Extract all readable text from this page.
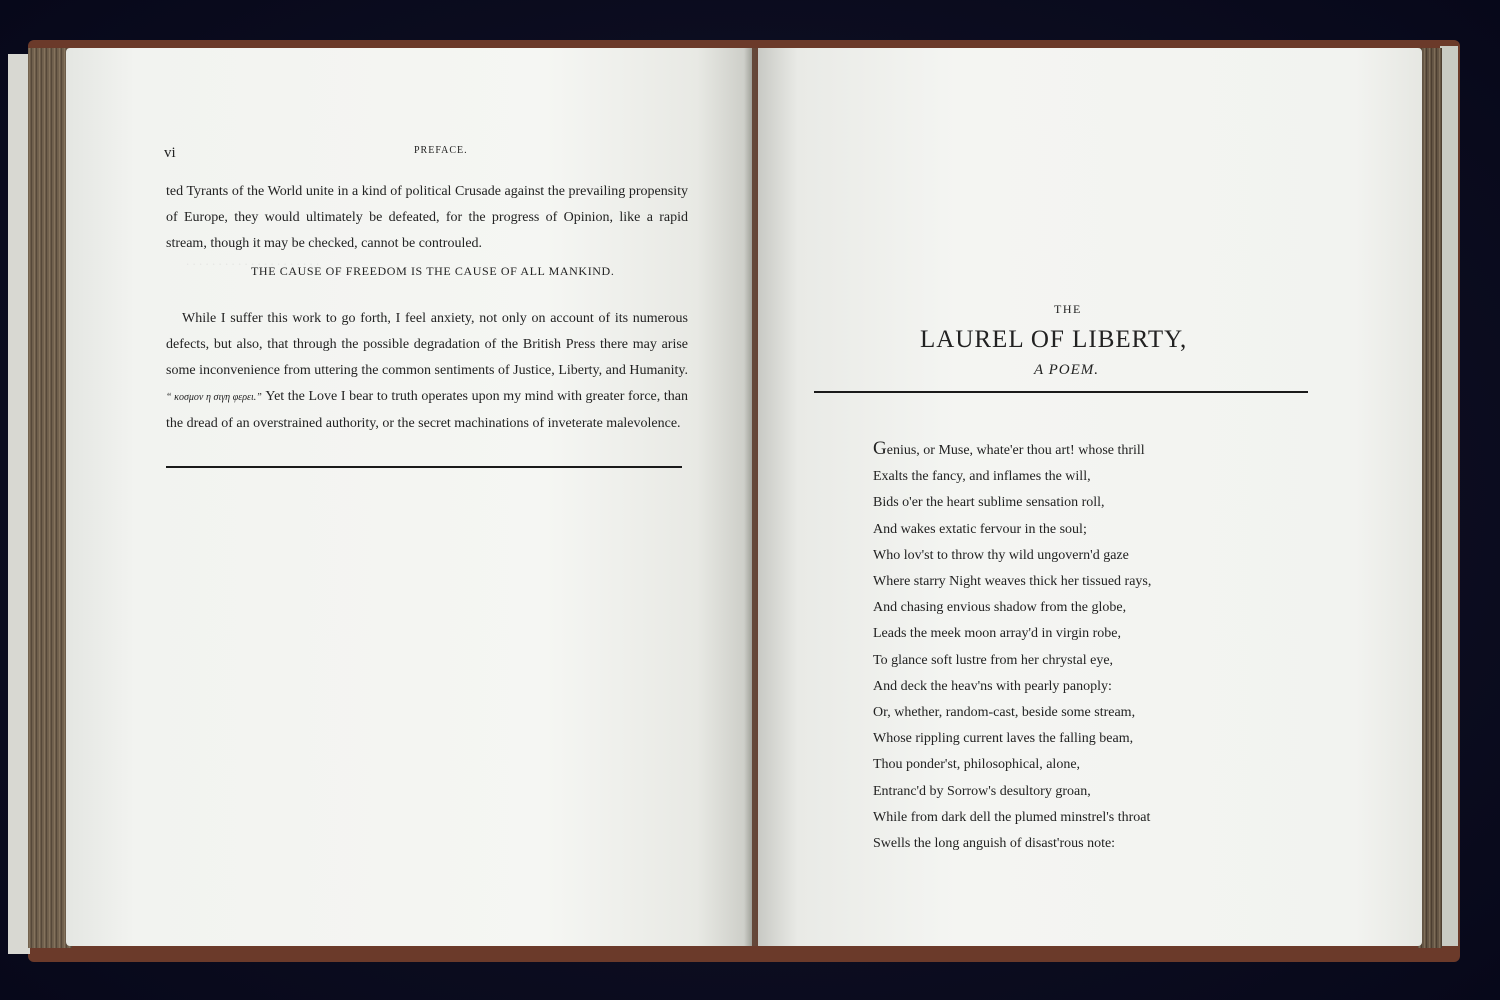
. . . . . . . . . . . . . . . . . . . . .
vi	PREFACE.
ted Tyrants of the World unite in a kind of political Crusade against the prevailing propensity of Europe, they would ultimately be defeated, for the progress of Opinion, like a rapid stream, though it may be checked, cannot be controuled.
THE CAUSE OF FREEDOM IS THE CAUSE OF ALL MANKIND.
While I suffer this work to go forth, I feel anxiety, not only on account of its numerous defects, but also, that through the possible degradation of the British Press there may arise some inconvenience from uttering the common sentiments of Justice, Liberty, and Humanity. “ κοσμον η σιγη φερει.” Yet the Love I bear to truth operates upon my mind with greater force, than the dread of an overstrained authority, or the secret machinations of inveterate malevolence.
THE
LAUREL OF LIBERTY,
A POEM.
Genius, or Muse, whate'er thou art! whose thrill
Exalts the fancy, and inflames the will,
Bids o'er the heart sublime sensation roll,
And wakes extatic fervour in the soul;
Who lov'st to throw thy wild ungovern'd gaze
Where starry Night weaves thick her tissued rays,
And chasing envious shadow from the globe,
Leads the meek moon array'd in virgin robe,
To glance soft lustre from her chrystal eye,
And deck the heav'ns with pearly panoply:
Or, whether, random-cast, beside some stream,
Whose rippling current laves the falling beam,
Thou ponder'st, philosophical, alone,
Entranc'd by Sorrow's desultory groan,
While from dark dell the plumed minstrel's throat
Swells the long anguish of disast'rous note:
